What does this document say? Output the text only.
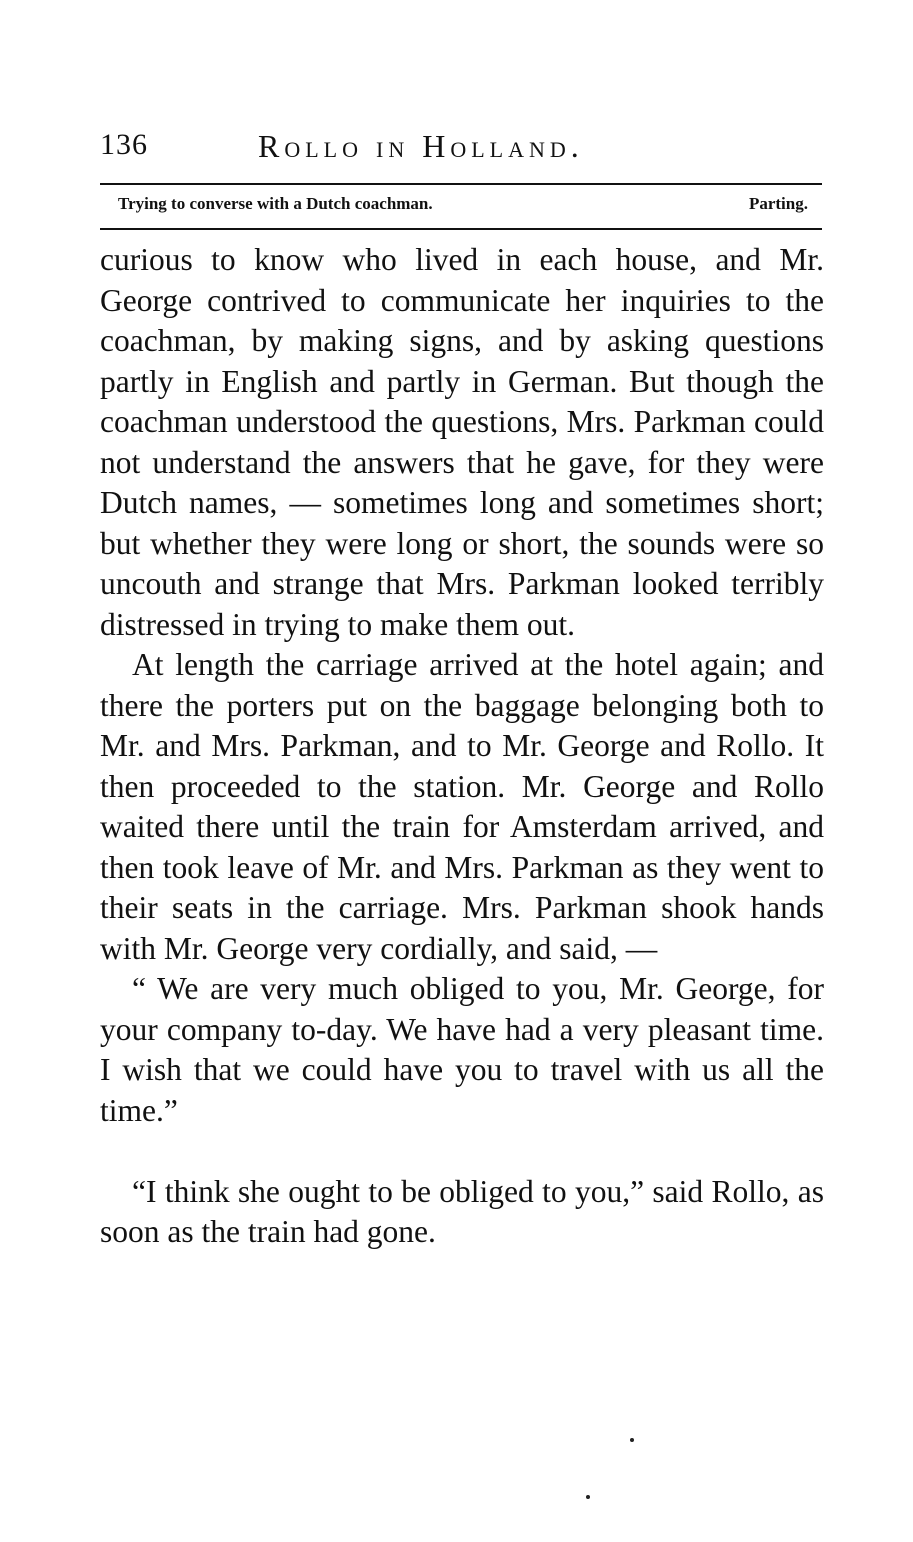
136	Rollo in Holland.
Trying to converse with a Dutch coachman.	Parting.

curious to know who lived in each house, and Mr. George contrived to communicate her inquiries to the coachman, by making signs, and by asking questions partly in English and partly in German. But though the coachman understood the questions, Mrs. Parkman could not understand the answers that he gave, for they were Dutch names, — sometimes long and sometimes short; but whether they were long or short, the sounds were so uncouth and strange that Mrs. Parkman looked terribly distressed in trying to make them out.

At length the carriage arrived at the hotel again; and there the porters put on the baggage belonging both to Mr. and Mrs. Parkman, and to Mr. George and Rollo. It then proceeded to the station. Mr. George and Rollo waited there until the train for Amsterdam arrived, and then took leave of Mr. and Mrs. Parkman as they went to their seats in the carriage. Mrs. Parkman shook hands with Mr. George very cordially, and said, —

“ We are very much obliged to you, Mr. George, for your company to-day. We have had a very pleasant time. I wish that we could have you to travel with us all the time.”

“I think she ought to be obliged to you,” said Rollo, as soon as the train had gone.
